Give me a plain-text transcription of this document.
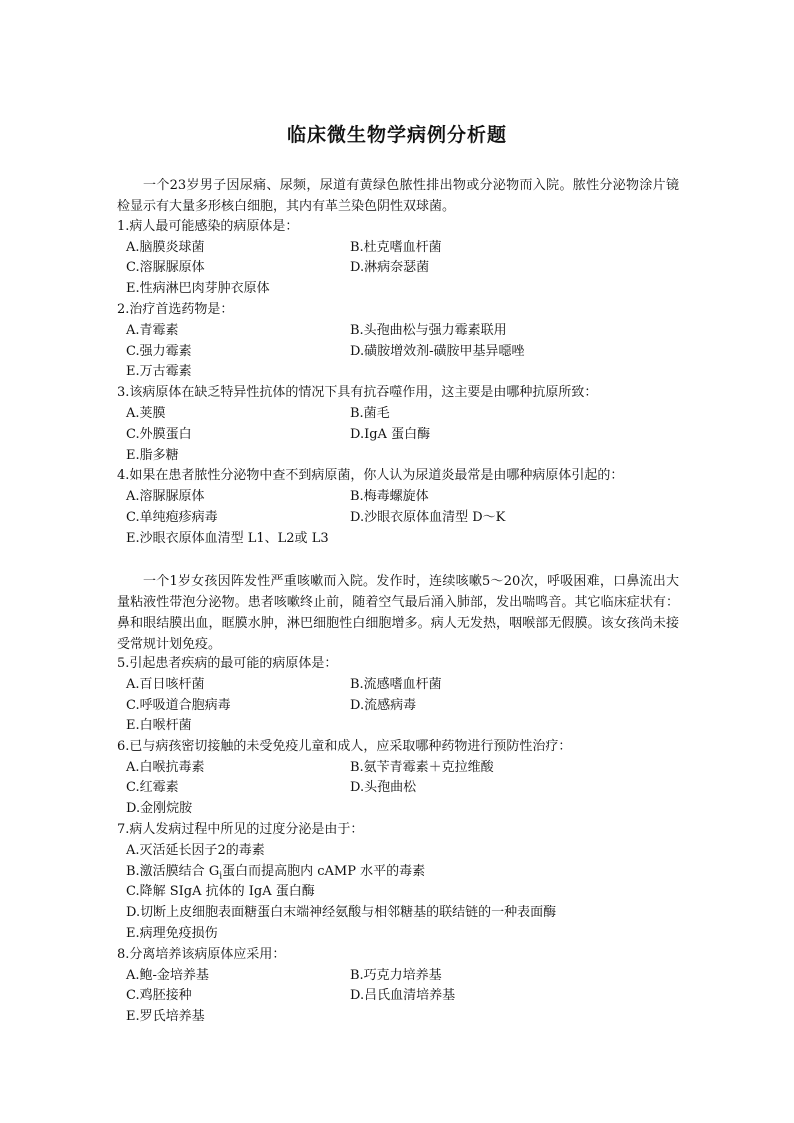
临床微生物学病例分析题

一个23岁男子因尿痛、尿频，尿道有黄绿色脓性排出物或分泌物而入院。脓性分泌物涂片镜检显示有大量多形核白细胞，其内有革兰染色阴性双球菌。

1.病人最可能感染的病原体是：
A.脑膜炎球菌	B.杜克嗜血杆菌
C.溶脲脲原体	D.淋病奈瑟菌
E.性病淋巴肉芽肿衣原体
2.治疗首选药物是：
A.青霉素	B.头孢曲松与强力霉素联用
C.强力霉素	D.磺胺增效剂-磺胺甲基异噁唑
E.万古霉素
3.该病原体在缺乏特异性抗体的情况下具有抗吞噬作用，这主要是由哪种抗原所致：
A.荚膜	B.菌毛
C.外膜蛋白	D.IgA 蛋白酶
E.脂多糖
4.如果在患者脓性分泌物中查不到病原菌，你人认为尿道炎最常是由哪种病原体引起的：
A.溶脲脲原体	B.梅毒螺旋体
C.单纯疱疹病毒	D.沙眼衣原体血清型 D～K
E.沙眼衣原体血清型 L1、L2或 L3

一个1岁女孩因阵发性严重咳嗽而入院。发作时，连续咳嗽5～20次，呼吸困难，口鼻流出大量粘液性带泡分泌物。患者咳嗽终止前，随着空气最后涌入肺部，发出喘鸣音。其它临床症状有：鼻和眼结膜出血，眶膜水肿，淋巴细胞性白细胞增多。病人无发热，咽喉部无假膜。该女孩尚未接受常规计划免疫。

5.引起患者疾病的最可能的病原体是：
A.百日咳杆菌	B.流感嗜血杆菌
C.呼吸道合胞病毒	D.流感病毒
E.白喉杆菌
6.已与病孩密切接触的未受免疫儿童和成人，应采取哪种药物进行预防性治疗：
A.白喉抗毒素	B.氨苄青霉素＋克拉维酸
C.红霉素	D.头孢曲松
D.金刚烷胺
7.病人发病过程中所见的过度分泌是由于：
A.灭活延长因子2的毒素
B.激活膜结合 $G_i$蛋白而提高胞内 cAMP 水平的毒素
C.降解 SIgA 抗体的 IgA 蛋白酶
D.切断上皮细胞表面糖蛋白末端神经氨酸与相邻糖基的联结链的一种表面酶
E.病理免疫损伤
8.分离培养该病原体应采用：
A.鲍-金培养基	B.巧克力培养基
C.鸡胚接种	D.吕氏血清培养基
E.罗氏培养基
